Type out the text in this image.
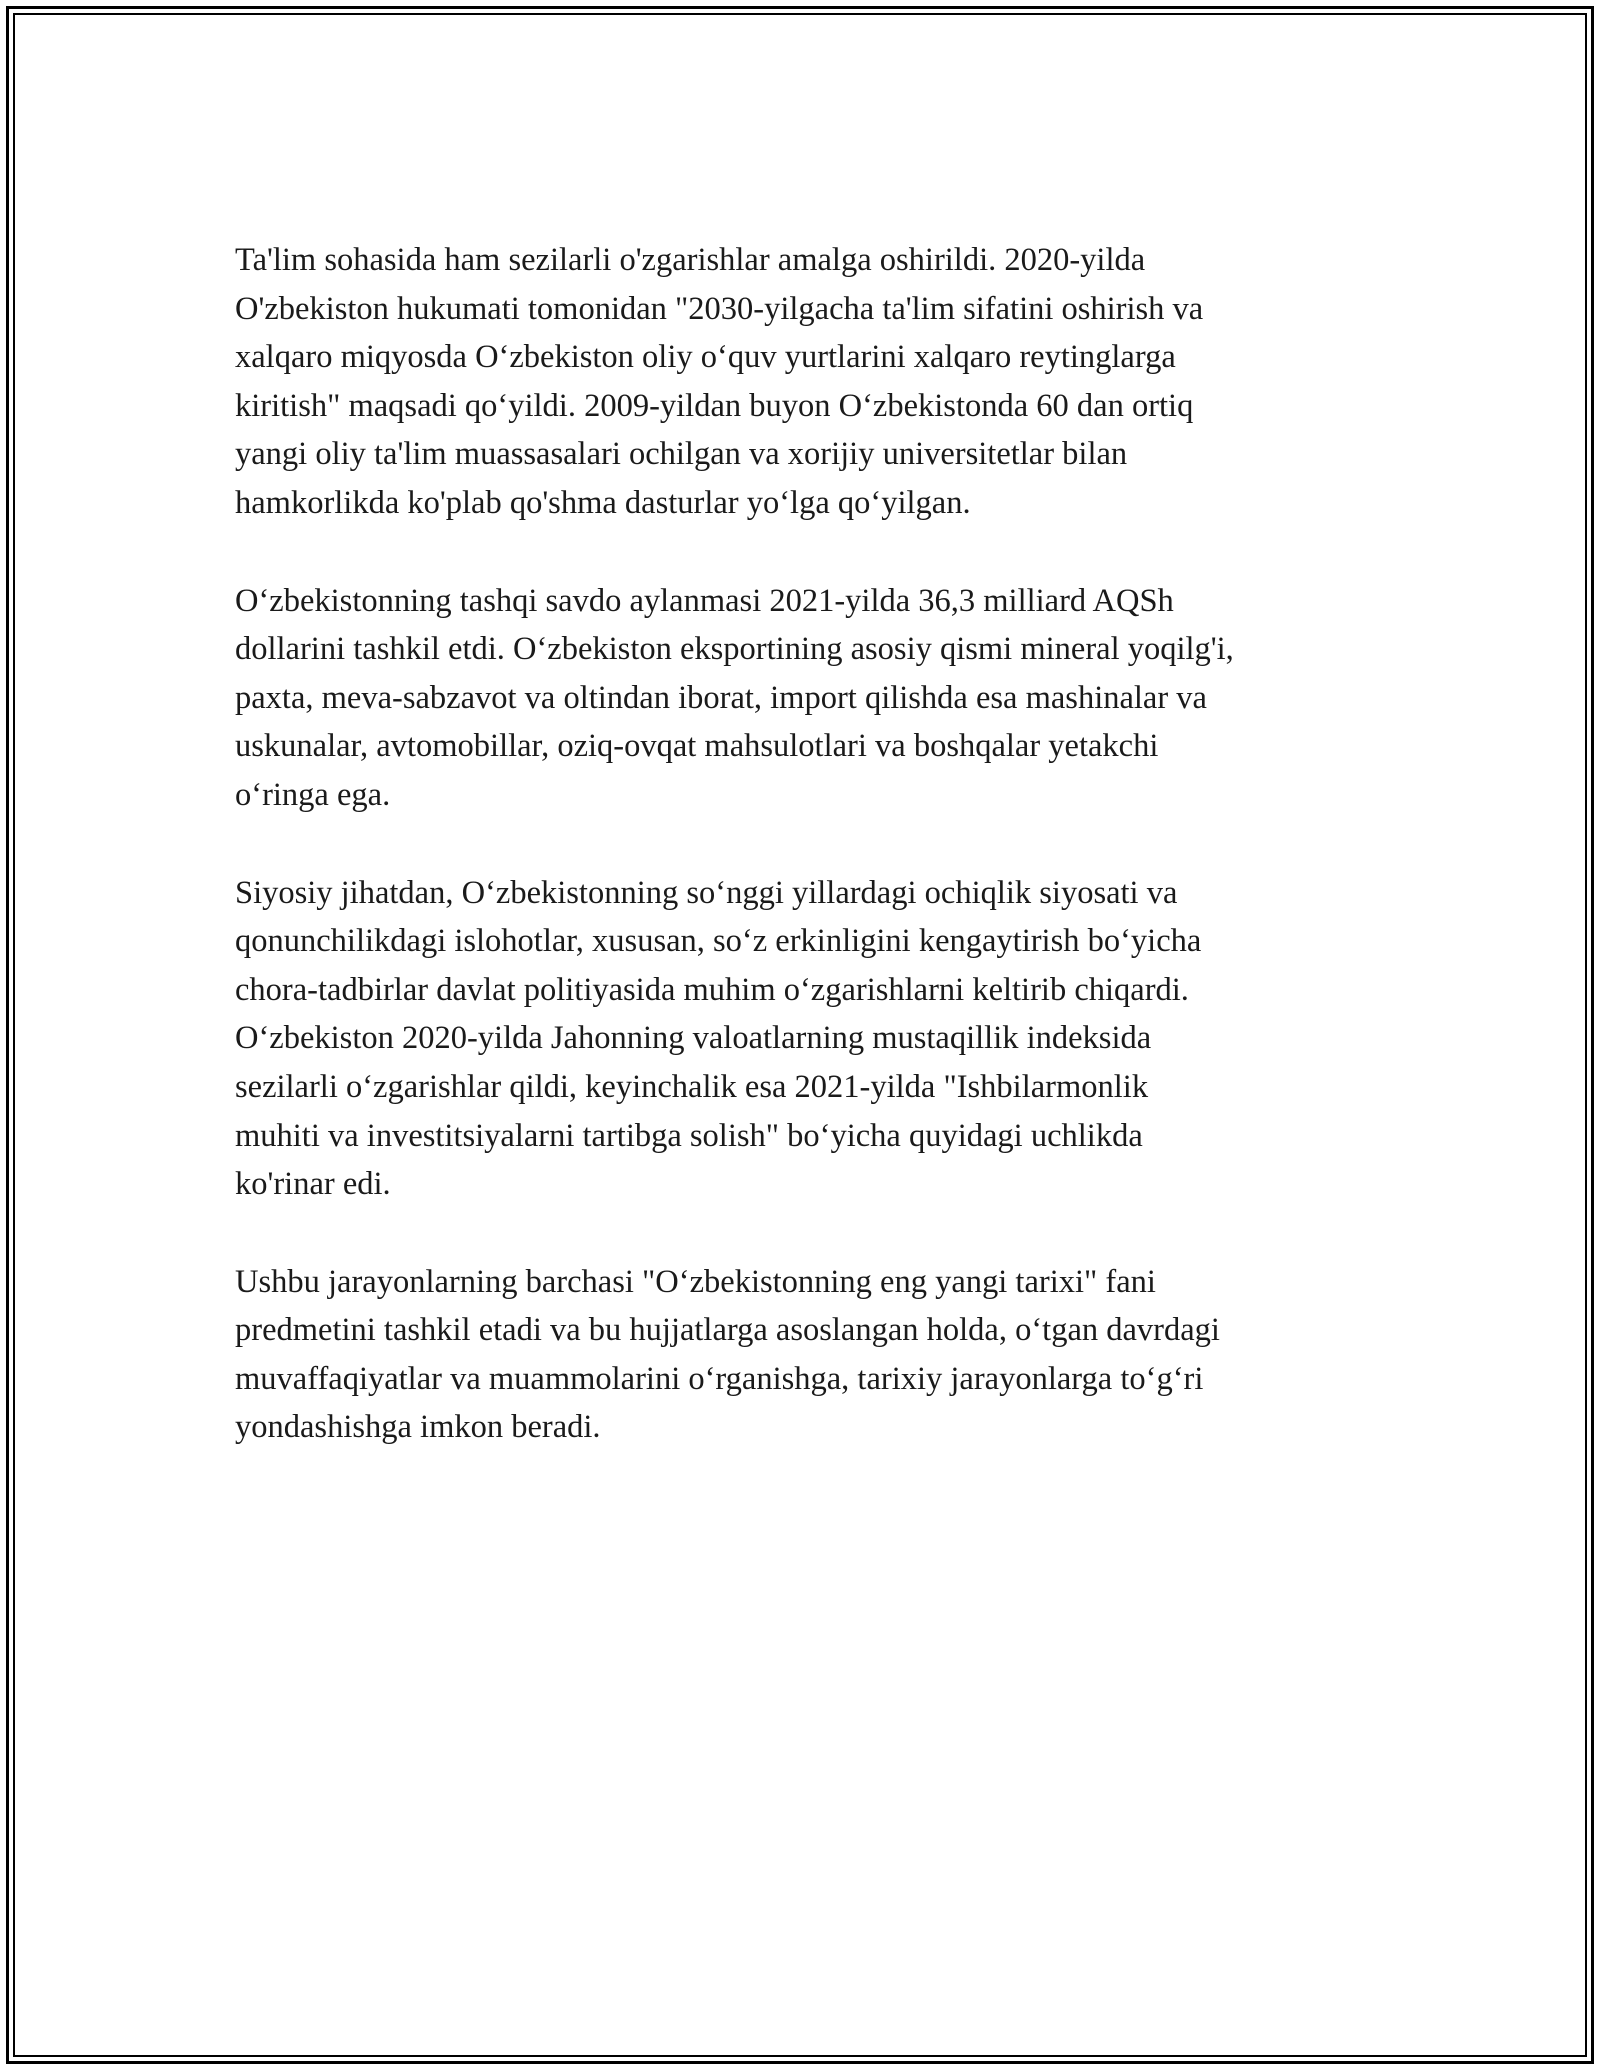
Ta'lim sohasida ham sezilarli o'zgarishlar amalga oshirildi. 2020-yilda
O'zbekiston hukumati tomonidan "2030-yilgacha ta'lim sifatini oshirish va
xalqaro miqyosda O‘zbekiston oliy o‘quv yurtlarini xalqaro reytinglarga
kiritish" maqsadi qo‘yildi. 2009-yildan buyon O‘zbekistonda 60 dan ortiq
yangi oliy ta'lim muassasalari ochilgan va xorijiy universitetlar bilan
hamkorlikda ko'plab qo'shma dasturlar yo‘lga qo‘yilgan.

O‘zbekistonning tashqi savdo aylanmasi 2021-yilda 36,3 milliard AQSh
dollarini tashkil etdi. O‘zbekiston eksportining asosiy qismi mineral yoqilg'i,
paxta, meva-sabzavot va oltindan iborat, import qilishda esa mashinalar va
uskunalar, avtomobillar, oziq-ovqat mahsulotlari va boshqalar yetakchi
o‘ringa ega.

Siyosiy jihatdan, O‘zbekistonning so‘nggi yillardagi ochiqlik siyosati va
qonunchilikdagi islohotlar, xususan, so‘z erkinligini kengaytirish bo‘yicha
chora-tadbirlar davlat politiyasida muhim o‘zgarishlarni keltirib chiqardi.
O‘zbekiston 2020-yilda Jahonning valoatlarning mustaqillik indeksida
sezilarli o‘zgarishlar qildi, keyinchalik esa 2021-yilda "Ishbilarmonlik
muhiti va investitsiyalarni tartibga solish" bo‘yicha quyidagi uchlikda
ko'rinar edi.

Ushbu jarayonlarning barchasi "O‘zbekistonning eng yangi tarixi" fani
predmetini tashkil etadi va bu hujjatlarga asoslangan holda, o‘tgan davrdagi
muvaffaqiyatlar va muammolarini o‘rganishga, tarixiy jarayonlarga to‘g‘ri
yondashishga imkon beradi.
